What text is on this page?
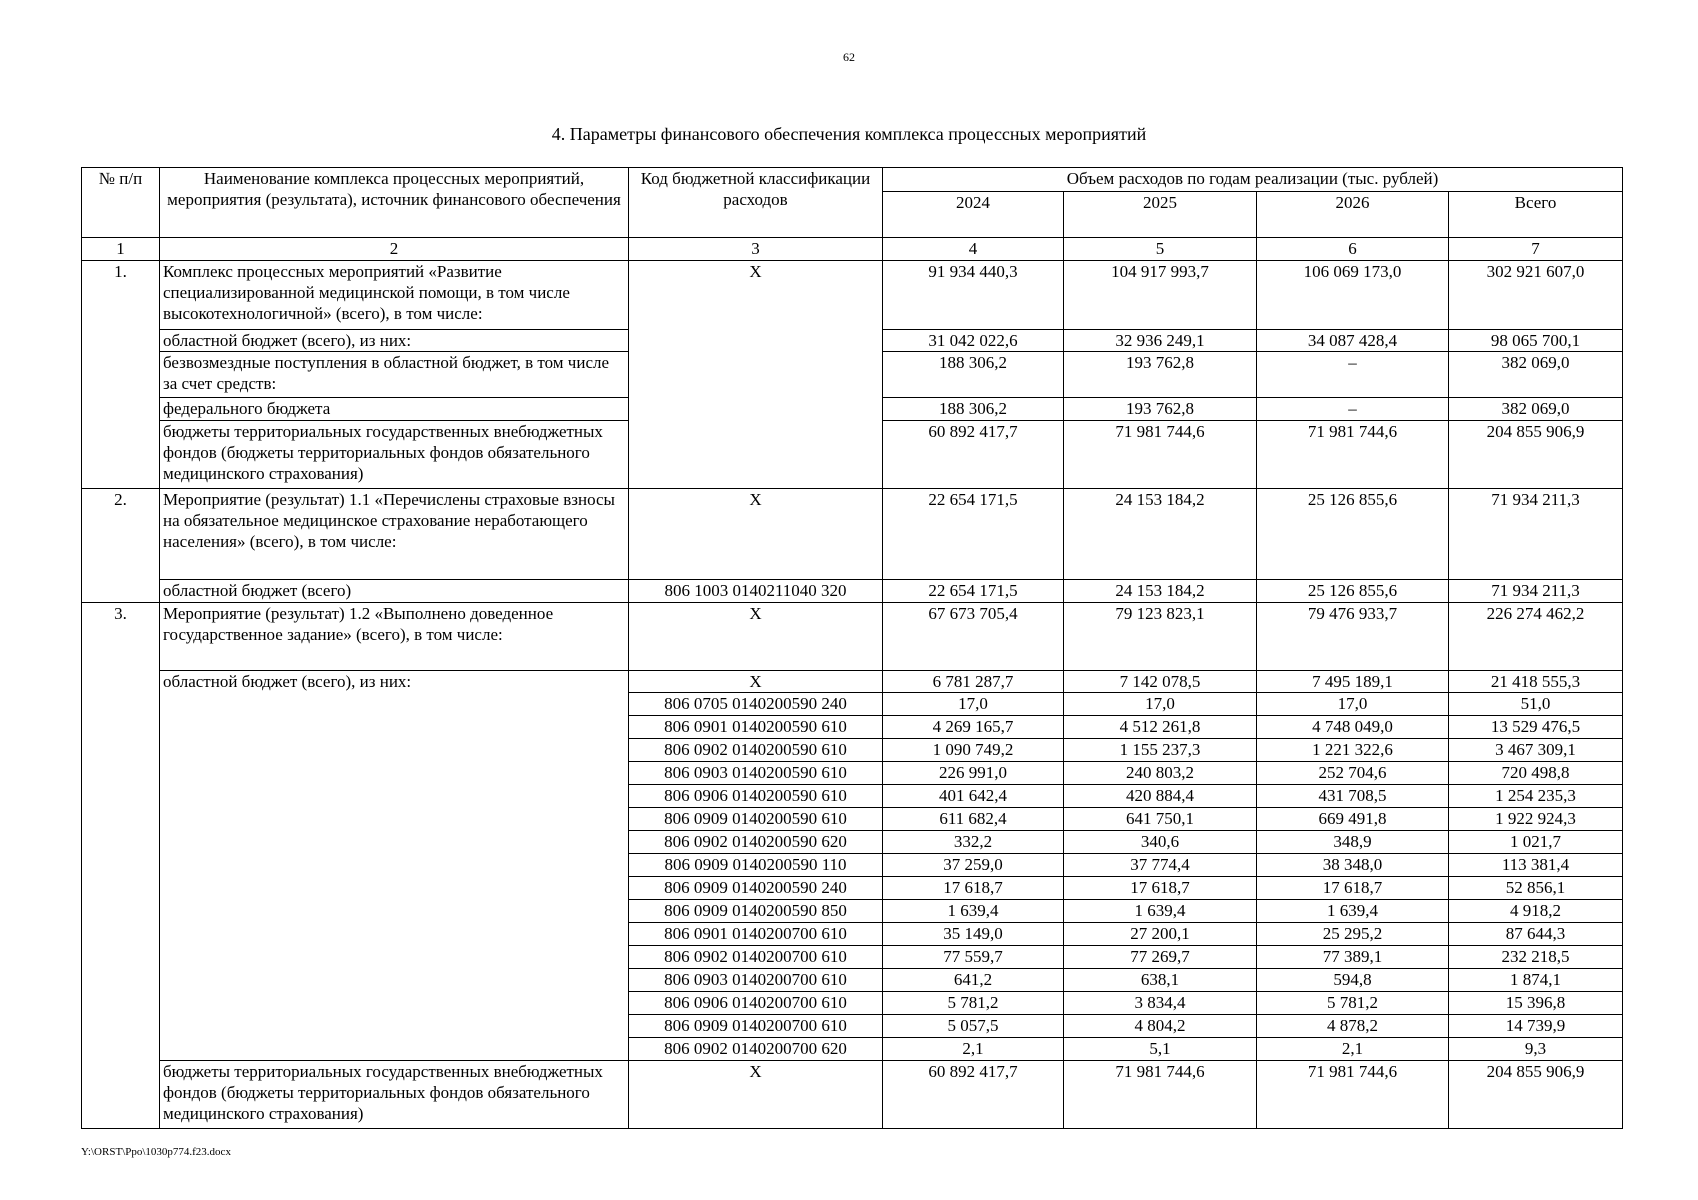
62
4. Параметры финансового обеспечения комплекса процессных мероприятий
№ п/п	Наименование комплекса процессных мероприятий, мероприятия (результата), источник финансового обеспечения	Код бюджетной классификации расходов	Объем расходов по годам реализации (тыс. рублей)			
			2024	2025	2026	Всего
1	2	3	4	5	6	7
1.	Комплекс процессных мероприятий «Развитие специализированной медицинской помощи, в том числе высокотехнологичной» (всего), в том числе:	Х	91 934 440,3	104 917 993,7	106 069 173,0	302 921 607,0
	областной бюджет (всего), из них:		31 042 022,6	32 936 249,1	34 087 428,4	98 065 700,1
	безвозмездные поступления в областной бюджет, в том числе за счет средств:		188 306,2	193 762,8	–	382 069,0
	федерального бюджета		188 306,2	193 762,8	–	382 069,0
	бюджеты территориальных государственных внебюджетных фондов (бюджеты территориальных фондов обязательного медицинского страхования)		60 892 417,7	71 981 744,6	71 981 744,6	204 855 906,9
2.	Мероприятие (результат) 1.1 «Перечислены страховые взносы на обязательное медицинское страхование неработающего населения» (всего), в том числе:	Х	22 654 171,5	24 153 184,2	25 126 855,6	71 934 211,3
	областной бюджет (всего)	806 1003 0140211040 320	22 654 171,5	24 153 184,2	25 126 855,6	71 934 211,3
3.	Мероприятие (результат) 1.2 «Выполнено доведенное государственное задание» (всего), в том числе:	Х	67 673 705,4	79 123 823,1	79 476 933,7	226 274 462,2
	областной бюджет (всего), из них:	Х	6 781 287,7	7 142 078,5	7 495 189,1	21 418 555,3
		806 0705 0140200590 240	17,0	17,0	17,0	51,0
		806 0901 0140200590 610	4 269 165,7	4 512 261,8	4 748 049,0	13 529 476,5
		806 0902 0140200590 610	1 090 749,2	1 155 237,3	1 221 322,6	3 467 309,1
		806 0903 0140200590 610	226 991,0	240 803,2	252 704,6	720 498,8
		806 0906 0140200590 610	401 642,4	420 884,4	431 708,5	1 254 235,3
		806 0909 0140200590 610	611 682,4	641 750,1	669 491,8	1 922 924,3
		806 0902 0140200590 620	332,2	340,6	348,9	1 021,7
		806 0909 0140200590 110	37 259,0	37 774,4	38 348,0	113 381,4
		806 0909 0140200590 240	17 618,7	17 618,7	17 618,7	52 856,1
		806 0909 0140200590 850	1 639,4	1 639,4	1 639,4	4 918,2
		806 0901 0140200700 610	35 149,0	27 200,1	25 295,2	87 644,3
		806 0902 0140200700 610	77 559,7	77 269,7	77 389,1	232 218,5
		806 0903 0140200700 610	641,2	638,1	594,8	1 874,1
		806 0906 0140200700 610	5 781,2	3 834,4	5 781,2	15 396,8
		806 0909 0140200700 610	5 057,5	4 804,2	4 878,2	14 739,9
		806 0902 0140200700 620	2,1	5,1	2,1	9,3
	бюджеты территориальных государственных внебюджетных фондов (бюджеты территориальных фондов обязательного медицинского страхования)	Х	60 892 417,7	71 981 744,6	71 981 744,6	204 855 906,9
Y:\ORST\Ppo\1030p774.f23.docx
